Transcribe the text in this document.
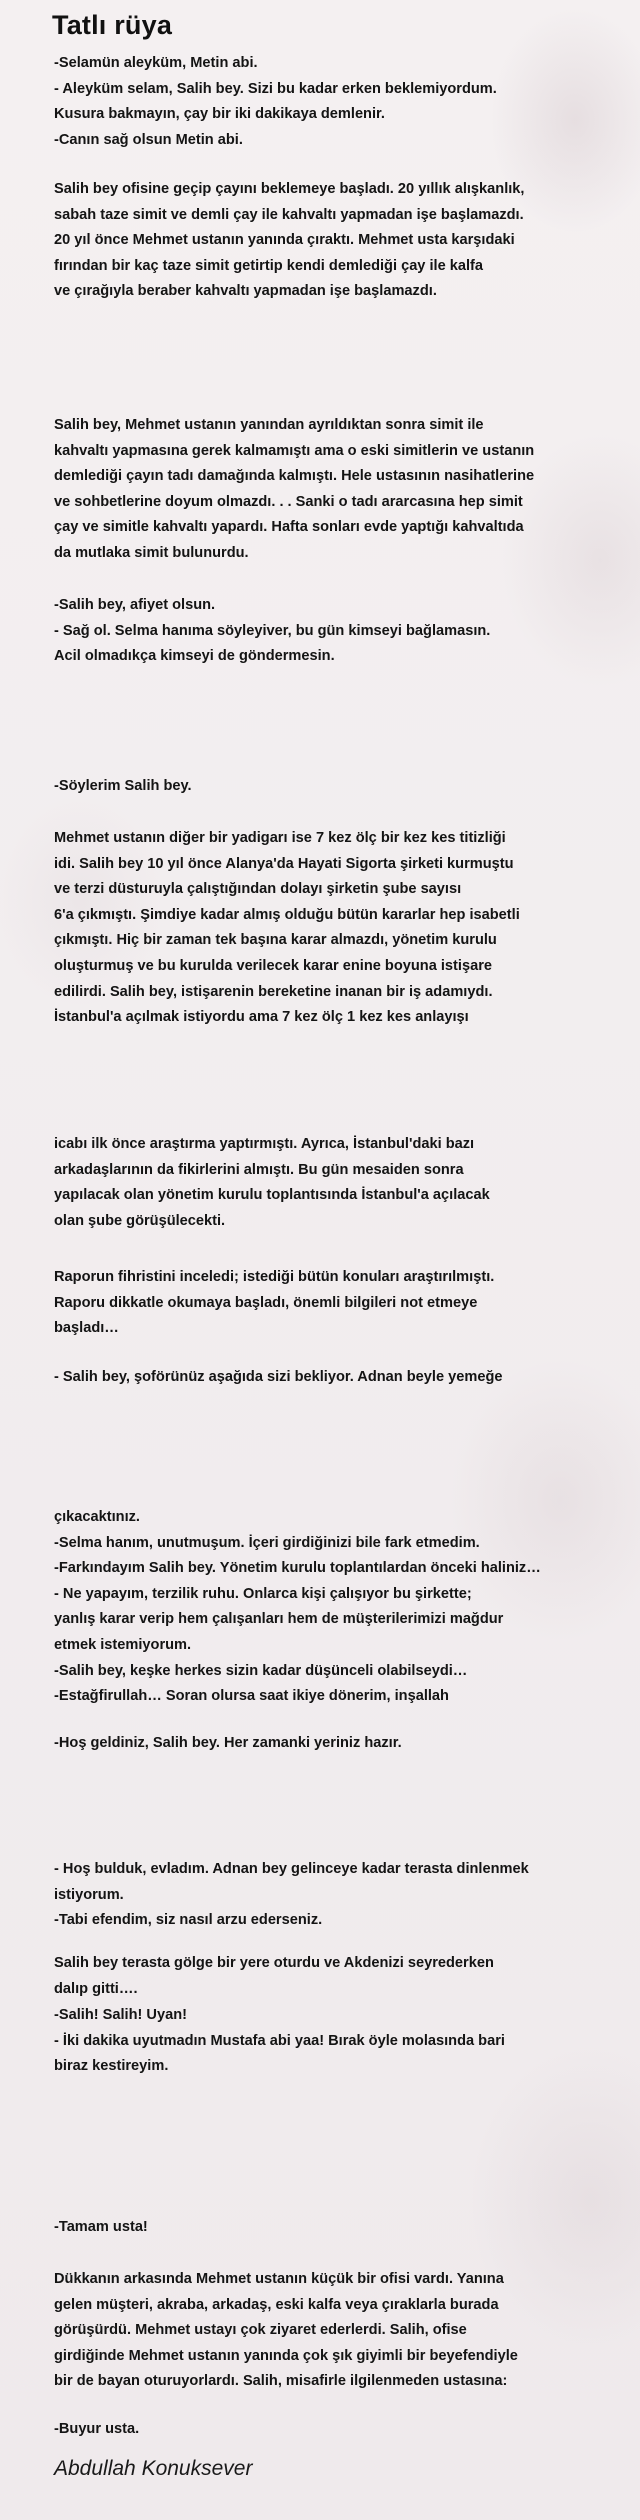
Tatlı rüya
-Selamün aleyküm, Metin abi.
- Aleyküm selam, Salih bey. Sizi bu kadar erken beklemiyordum.
Kusura bakmayın, çay bir iki dakikaya demlenir.
-Canın sağ olsun Metin abi.
Salih bey ofisine geçip çayını beklemeye başladı. 20 yıllık alışkanlık,
sabah taze simit ve demli çay ile kahvaltı yapmadan işe başlamazdı.
20 yıl önce Mehmet ustanın yanında çıraktı. Mehmet usta karşıdaki
fırından bir kaç taze simit getirtip kendi demlediği çay ile kalfa
ve çırağıyla beraber kahvaltı yapmadan işe başlamazdı.
Salih bey, Mehmet ustanın yanından ayrıldıktan sonra simit ile
kahvaltı yapmasına gerek kalmamıştı ama o eski simitlerin ve ustanın
demlediği çayın tadı damağında kalmıştı. Hele ustasının nasihatlerine
ve sohbetlerine doyum olmazdı. . . Sanki o tadı ararcasına hep simit
çay ve simitle kahvaltı yapardı. Hafta sonları evde yaptığı kahvaltıda
da mutlaka simit bulunurdu.
-Salih bey, afiyet olsun.
- Sağ ol. Selma hanıma söyleyiver, bu gün kimseyi bağlamasın.
Acil olmadıkça kimseyi de göndermesin.
-Söylerim Salih bey.
Mehmet ustanın diğer bir yadigarı ise 7 kez ölç bir kez kes titizliği
idi. Salih bey 10 yıl önce Alanya'da Hayati Sigorta şirketi kurmuştu
ve terzi düsturuyla çalıştığından dolayı şirketin şube sayısı
6'a çıkmıştı. Şimdiye kadar almış olduğu bütün kararlar hep isabetli
çıkmıştı. Hiç bir zaman tek başına karar almazdı, yönetim kurulu
oluşturmuş ve bu kurulda verilecek karar enine boyuna istişare
edilirdi. Salih bey, istişarenin bereketine inanan bir iş adamıydı.
İstanbul'a açılmak istiyordu ama 7 kez ölç 1 kez kes anlayışı
icabı ilk önce araştırma yaptırmıştı. Ayrıca, İstanbul'daki bazı
arkadaşlarının da fikirlerini almıştı. Bu gün mesaiden sonra
yapılacak olan yönetim kurulu toplantısında İstanbul'a açılacak
olan şube görüşülecekti.
Raporun fihristini inceledi; istediği bütün konuları araştırılmıştı.
Raporu dikkatle okumaya başladı, önemli bilgileri not etmeye
başladı…
- Salih bey, şoförünüz aşağıda sizi bekliyor. Adnan beyle yemeğe
çıkacaktınız.
-Selma hanım, unutmuşum. İçeri girdiğinizi bile fark etmedim.
-Farkındayım Salih bey. Yönetim kurulu toplantılardan önceki haliniz…
- Ne yapayım, terzilik ruhu. Onlarca kişi çalışıyor bu şirkette;
yanlış karar verip hem çalışanları hem de müşterilerimizi mağdur
etmek istemiyorum.
-Salih bey, keşke herkes sizin kadar düşünceli olabilseydi…
-Estağfirullah… Soran olursa saat ikiye dönerim, inşallah
-Hoş geldiniz, Salih bey. Her zamanki yeriniz hazır.
- Hoş bulduk, evladım. Adnan bey gelinceye kadar terasta dinlenmek
istiyorum.
-Tabi efendim, siz nasıl arzu ederseniz.
Salih bey terasta gölge bir yere oturdu ve Akdenizi seyrederken
dalıp gitti….
-Salih! Salih! Uyan!
- İki dakika uyutmadın Mustafa abi yaa! Bırak öyle molasında bari
biraz kestireyim.
-Tamam usta!
Dükkanın arkasında Mehmet ustanın küçük bir ofisi vardı. Yanına
gelen müşteri, akraba, arkadaş, eski kalfa veya çıraklarla burada
görüşürdü. Mehmet ustayı çok ziyaret ederlerdi. Salih, ofise
girdiğinde Mehmet ustanın yanında çok şık giyimli bir beyefendiyle
bir de bayan oturuyorlardı. Salih, misafirle ilgilenmeden ustasına:
-Buyur usta.
Abdullah Konuksever
